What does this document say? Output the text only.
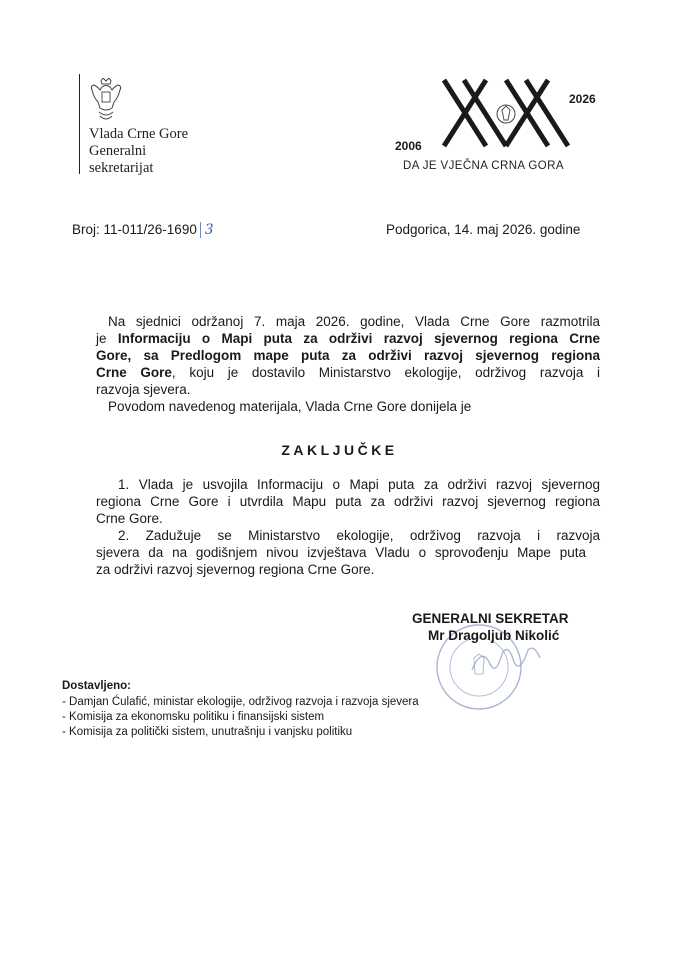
Vlada Crne Gore
Generalni
sekretarijat
2026
2006
DA JE VJEČNA CRNA GORA
Broj: 11-011/26-1690 3	Podgorica, 14. maj 2026. godine
Na sjednici održanoj 7. maja 2026. godine, Vlada Crne Gore razmotrila
je Informaciju o Mapi puta za održivi razvoj sjevernog regiona Crne
Gore, sa Predlogom mape puta za održivi razvoj sjevernog regiona
Crne Gore, koju je dostavilo Ministarstvo ekologije, održivog razvoja i
razvoja sjevera.
Povodom navedenog materijala, Vlada Crne Gore donijela je
ZAKLJUČKE
1. Vlada je usvojila Informaciju o Mapi puta za održivi razvoj sjevernog
regiona Crne Gore i utvrdila Mapu puta za održivi razvoj sjevernog regiona
Crne Gore.
2. Zadužuje se Ministarstvo ekologije, održivog razvoja i razvoja
sjevera da na godišnjem nivou izvještava Vladu o sprovođenju Mape puta
za održivi razvoj sjevernog regiona Crne Gore.
GENERALNI SEKRETAR
Mr Dragoljub Nikolić
Dostavljeno:
- Damjan Ćulafić, ministar ekologije, održivog razvoja i razvoja sjevera
- Komisija za ekonomsku politiku i finansijski sistem
- Komisija za politički sistem, unutrašnju i vanjsku politiku
